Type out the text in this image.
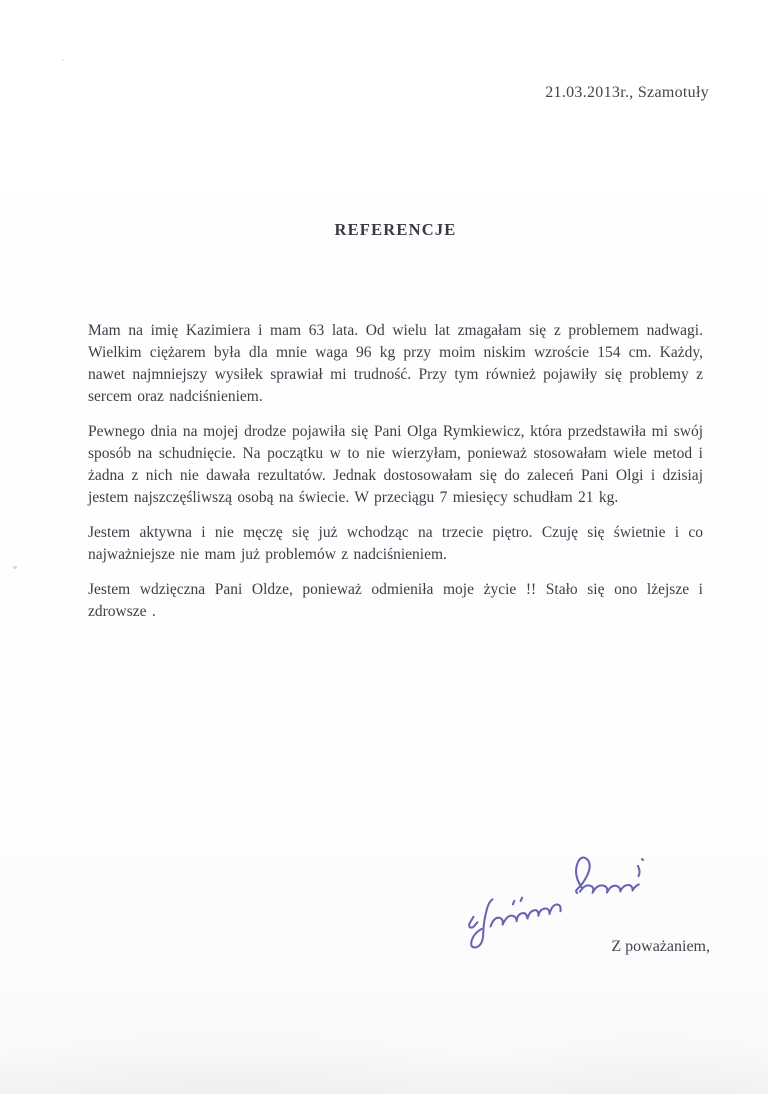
21.03.2013r., Szamotuły
REFERENCJE

Mam na imię Kazimiera i mam 63 lata. Od wielu lat zmagałam się z problemem nadwagi. Wielkim ciężarem była dla mnie waga 96 kg przy moim niskim wzroście 154 cm. Każdy, nawet najmniejszy wysiłek sprawiał mi trudność. Przy tym również pojawiły się problemy z sercem oraz nadciśnieniem.

Pewnego dnia na mojej drodze pojawiła się Pani Olga Rymkiewicz, która przedstawiła mi swój sposób na schudnięcie. Na początku w to nie wierzyłam, ponieważ stosowałam wiele metod i żadna z nich nie dawała rezultatów. Jednak dostosowałam się do zaleceń Pani Olgi i dzisiaj jestem najszczęśliwszą osobą na świecie. W przeciągu 7 miesięcy schudłam 21 kg.

Jestem aktywna i nie męczę się już wchodząc na trzecie piętro. Czuję się świetnie i co najważniejsze nie mam już problemów z nadciśnieniem.

Jestem wdzięczna Pani Oldze, ponieważ odmieniła moje życie !! Stało się ono lżejsze i zdrowsze .

Z poważaniem,
